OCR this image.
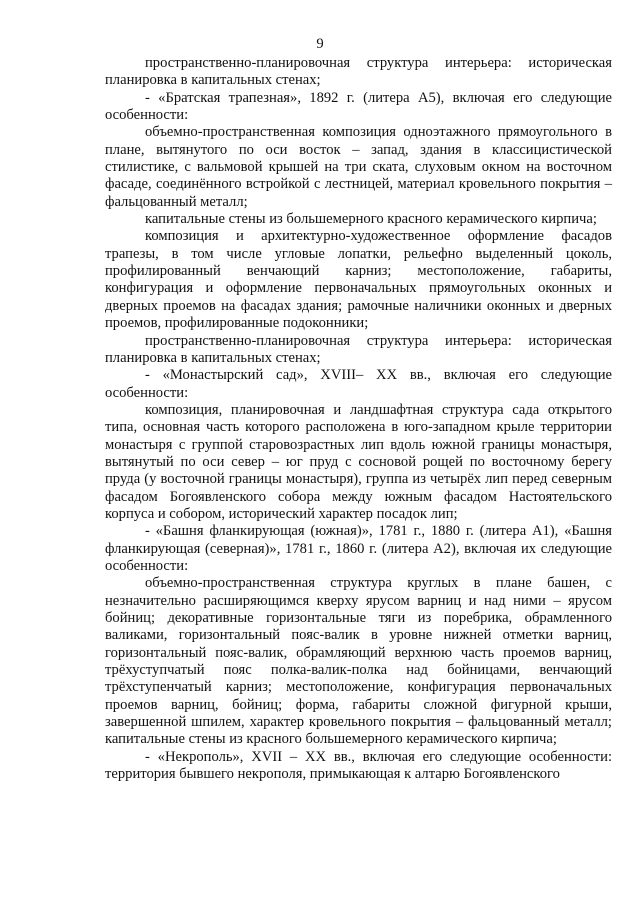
9

пространственно-планировочная структура интерьера: историческая планировка в капитальных стенах;

- «Братская трапезная», 1892 г. (литера А5), включая его следующие особенности:

объемно-пространственная композиция одноэтажного прямоугольного в плане, вытянутого по оси восток – запад, здания в классицистической стилистике, с вальмовой крышей на три ската, слуховым окном на восточном фасаде, соединённого встройкой с лестницей, материал кровельного покрытия – фальцованный металл;

капитальные стены из большемерного красного керамического кирпича;

композиция и архитектурно-художественное оформление фасадов трапезы, в том числе угловые лопатки, рельефно выделенный цоколь, профилированный венчающий карниз; местоположение, габариты, конфигурация и оформление первоначальных прямоугольных оконных и дверных проемов на фасадах здания; рамочные наличники оконных и дверных проемов, профилированные подоконники;

пространственно-планировочная структура интерьера: историческая планировка в капитальных стенах;

- «Монастырский сад», XVIII– XX вв., включая его следующие особенности:

композиция, планировочная и ландшафтная структура сада открытого типа, основная часть которого расположена в юго-западном крыле территории монастыря с группой старовозрастных лип вдоль южной границы монастыря, вытянутый по оси север – юг пруд с сосновой рощей по восточному берегу пруда (у восточной границы монастыря), группа из четырёх лип перед северным фасадом Богоявленского собора между южным фасадом Настоятельского корпуса и собором, исторический характер посадок лип;

- «Башня фланкирующая (южная)», 1781 г., 1880 г. (литера А1), «Башня фланкирующая (северная)», 1781 г., 1860 г. (литера А2), включая их следующие особенности:

объемно-пространственная структура круглых в плане башен, с незначительно расширяющимся кверху ярусом варниц и над ними – ярусом бойниц; декоративные горизонтальные тяги из поребрика, обрамленного валиками, горизонтальный пояс-валик в уровне нижней отметки варниц, горизонтальный пояс-валик, обрамляющий верхнюю часть проемов варниц, трёхуступчатый пояс полка-валик-полка над бойницами, венчающий трёхступенчатый карниз; местоположение, конфигурация первоначальных проемов варниц, бойниц; форма, габариты сложной фигурной крыши, завершенной шпилем, характер кровельного покрытия – фальцованный металл; капитальные стены из красного большемерного керамического кирпича;

- «Некрополь», XVII – XX вв., включая его следующие особенности: территория бывшего некрополя, примыкающая к алтарю Богоявленского
